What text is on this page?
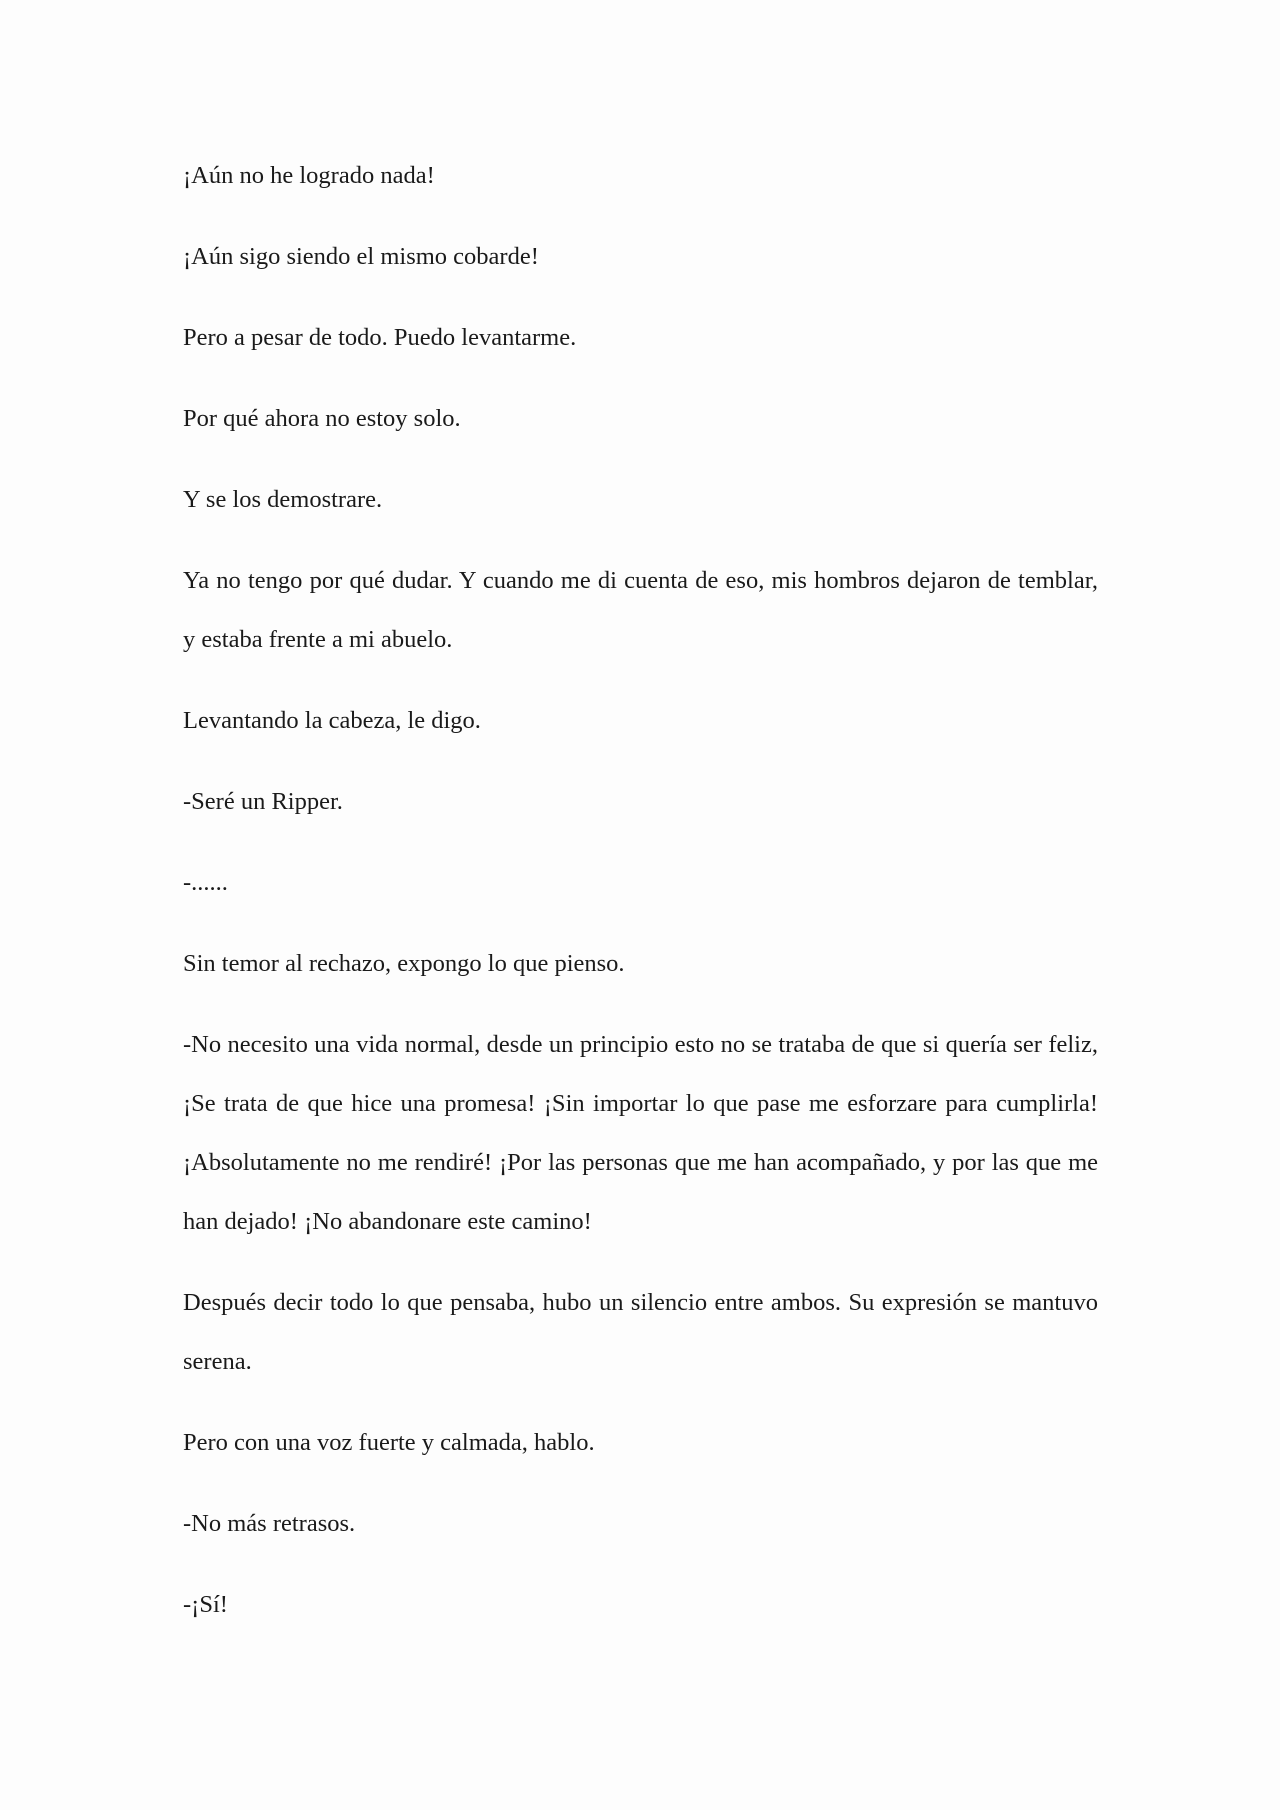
¡Aún no he logrado nada!

¡Aún sigo siendo el mismo cobarde!

Pero a pesar de todo. Puedo levantarme.

Por qué ahora no estoy solo.

Y se los demostrare.

Ya no tengo por qué dudar. Y cuando me di cuenta de eso, mis hombros dejaron de temblar, y estaba frente a mi abuelo.

Levantando la cabeza, le digo.

-Seré un Ripper.

-......

Sin temor al rechazo, expongo lo que pienso.

-No necesito una vida normal, desde un principio esto no se trataba de que si quería ser feliz, ¡Se trata de que hice una promesa! ¡Sin importar lo que pase me esforzare para cumplirla! ¡Absolutamente no me rendiré! ¡Por las personas que me han acompañado, y por las que me han dejado! ¡No abandonare este camino!

Después decir todo lo que pensaba, hubo un silencio entre ambos. Su expresión se mantuvo serena.

Pero con una voz fuerte y calmada, hablo.

-No más retrasos.

-¡Sí!
